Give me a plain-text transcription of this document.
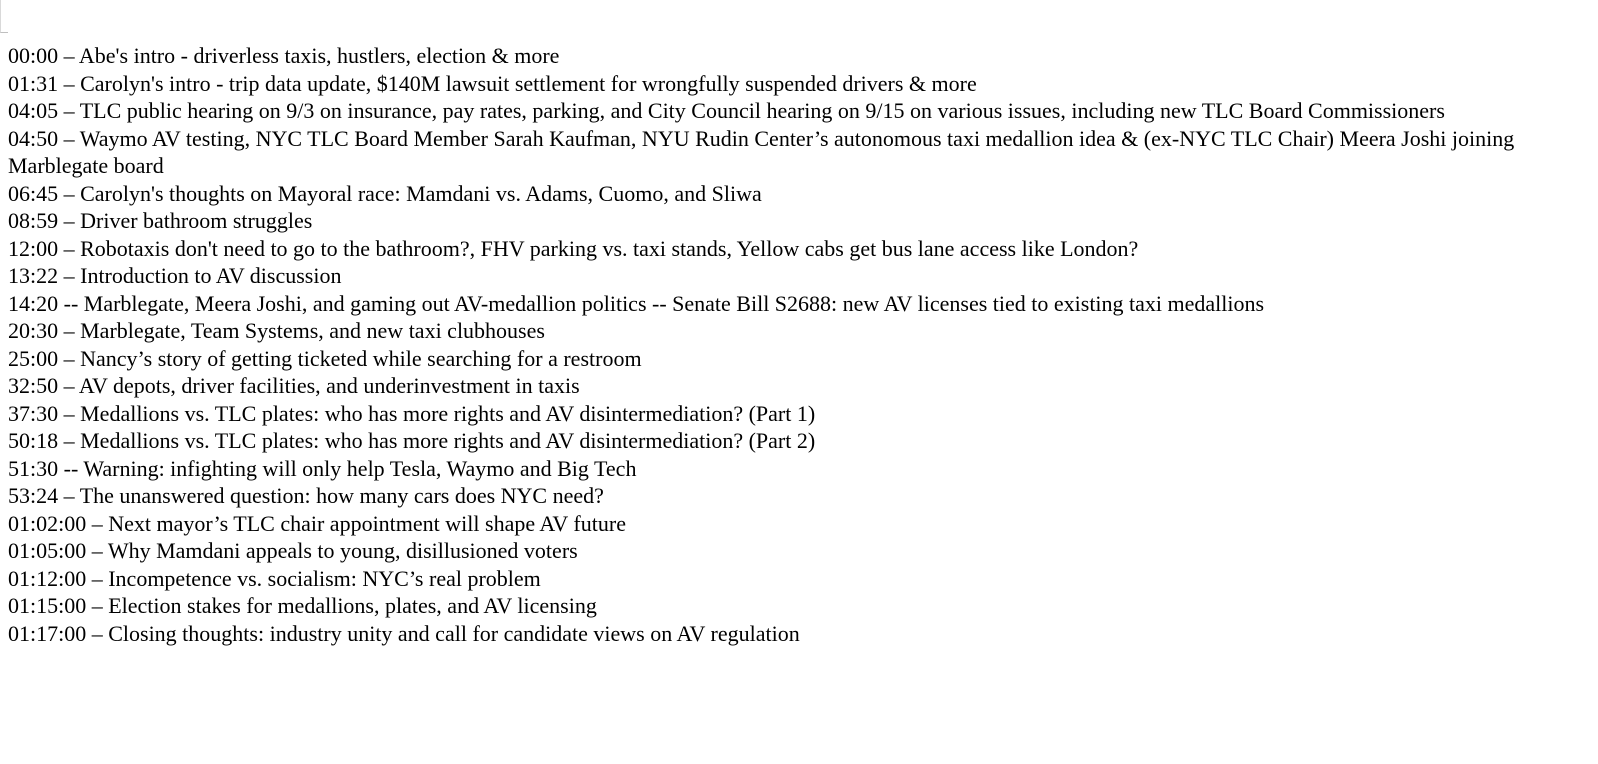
00:00 – Abe's intro - driverless taxis, hustlers, election & more
01:31 – Carolyn's intro - trip data update, $140M lawsuit settlement for wrongfully suspended drivers & more
04:05 – TLC public hearing on 9/3 on insurance, pay rates, parking, and City Council hearing on 9/15 on various issues, including new TLC Board Commissioners
04:50 – Waymo AV testing, NYC TLC Board Member Sarah Kaufman, NYU Rudin Center’s autonomous taxi medallion idea & (ex-NYC TLC Chair) Meera Joshi joining Marblegate board
06:45 – Carolyn's thoughts on Mayoral race: Mamdani vs. Adams, Cuomo, and Sliwa
08:59 – Driver bathroom struggles
12:00 – Robotaxis don't need to go to the bathroom?, FHV parking vs. taxi stands, Yellow cabs get bus lane access like London?
13:22 – Introduction to AV discussion
14:20 -- Marblegate, Meera Joshi, and gaming out AV-medallion politics -- Senate Bill S2688: new AV licenses tied to existing taxi medallions
20:30 – Marblegate, Team Systems, and new taxi clubhouses
25:00 – Nancy’s story of getting ticketed while searching for a restroom
32:50 – AV depots, driver facilities, and underinvestment in taxis
37:30 – Medallions vs. TLC plates: who has more rights and AV disintermediation? (Part 1)
50:18 – Medallions vs. TLC plates: who has more rights and AV disintermediation? (Part 2)
51:30 -- Warning: infighting will only help Tesla, Waymo and Big Tech
53:24 – The unanswered question: how many cars does NYC need?
01:02:00 – Next mayor’s TLC chair appointment will shape AV future
01:05:00 – Why Mamdani appeals to young, disillusioned voters
01:12:00 – Incompetence vs. socialism: NYC’s real problem
01:15:00 – Election stakes for medallions, plates, and AV licensing
01:17:00 – Closing thoughts: industry unity and call for candidate views on AV regulation
